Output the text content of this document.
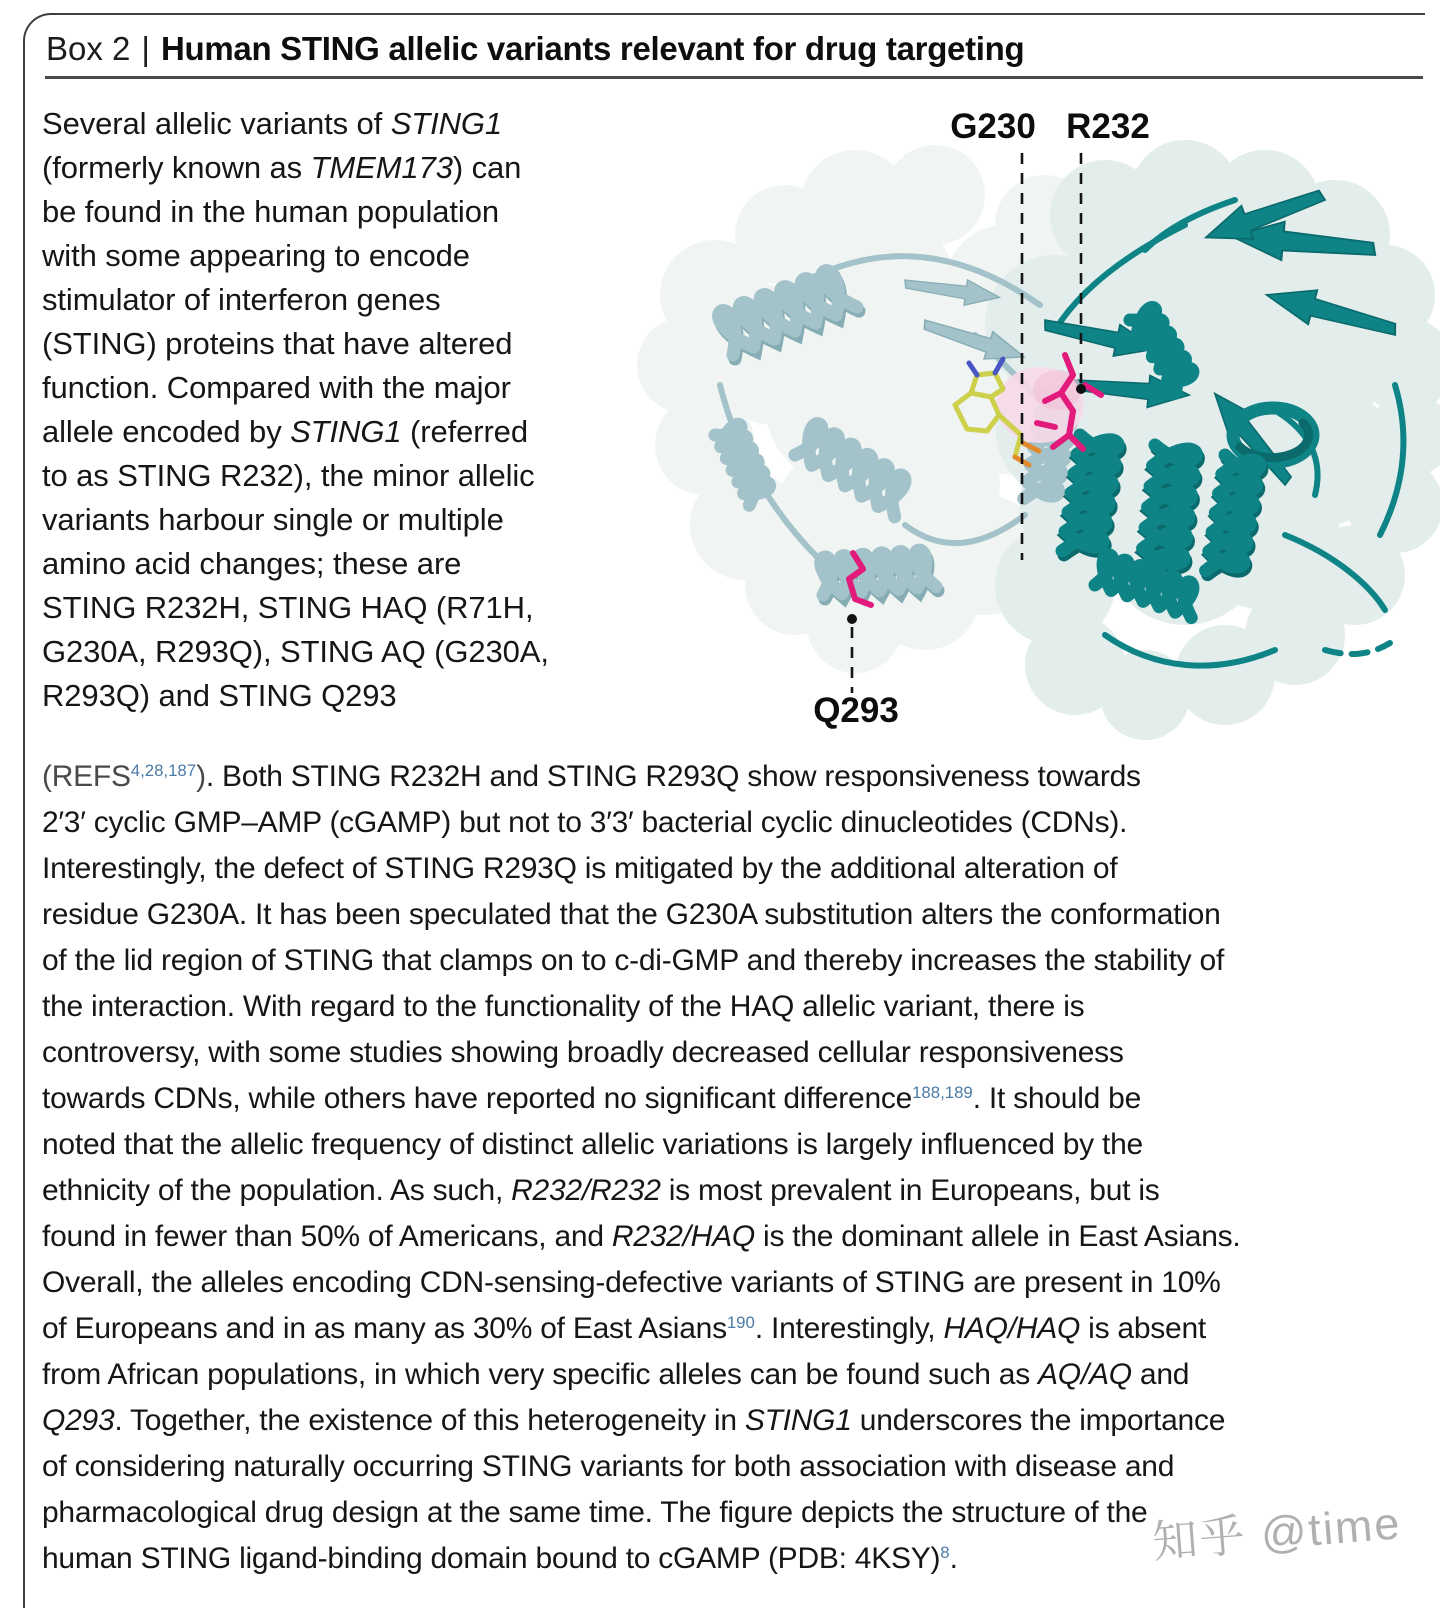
Box 2 | Human STING allelic variants relevant for drug targeting
Several allelic variants of STING1
(formerly known as TMEM173) can
be found in the human population
with some appearing to encode
stimulator of interferon genes
(STING) proteins that have altered
function. Compared with the major
allele encoded by STING1 (referred
to as STING R232), the minor allelic
variants harbour single or multiple
amino acid changes; these are
STING R232H, STING HAQ (R71H,
G230A, R293Q), STING AQ (G230A,
R293Q) and STING Q293
(REFS$^{4,28,187}$). Both STING R232H and STING R293Q show responsiveness towards
2′3′ cyclic GMP–AMP (cGAMP) but not to 3′3′ bacterial cyclic dinucleotides (CDNs).
Interestingly, the defect of STING R293Q is mitigated by the additional alteration of
residue G230A. It has been speculated that the G230A substitution alters the conformation
of the lid region of STING that clamps on to c-di-GMP and thereby increases the stability of
the interaction. With regard to the functionality of the HAQ allelic variant, there is
controversy, with some studies showing broadly decreased cellular responsiveness
towards CDNs, while others have reported no significant difference$^{188,189}$. It should be
noted that the allelic frequency of distinct allelic variations is largely influenced by the
ethnicity of the population. As such, R232/R232 is most prevalent in Europeans, but is
found in fewer than 50% of Americans, and R232/HAQ is the dominant allele in East Asians.
Overall, the alleles encoding CDN-sensing-defective variants of STING are present in 10%
of Europeans and in as many as 30% of East Asians$^{190}$. Interestingly, HAQ/HAQ is absent
from African populations, in which very specific alleles can be found such as AQ/AQ and
Q293. Together, the existence of this heterogeneity in STING1 underscores the importance
of considering naturally occurring STING variants for both association with disease and
pharmacological drug design at the same time. The figure depicts the structure of the
human STING ligand-binding domain bound to cGAMP (PDB: 4KSY)$^8$.
G230 R232
Q293
知乎 @time
